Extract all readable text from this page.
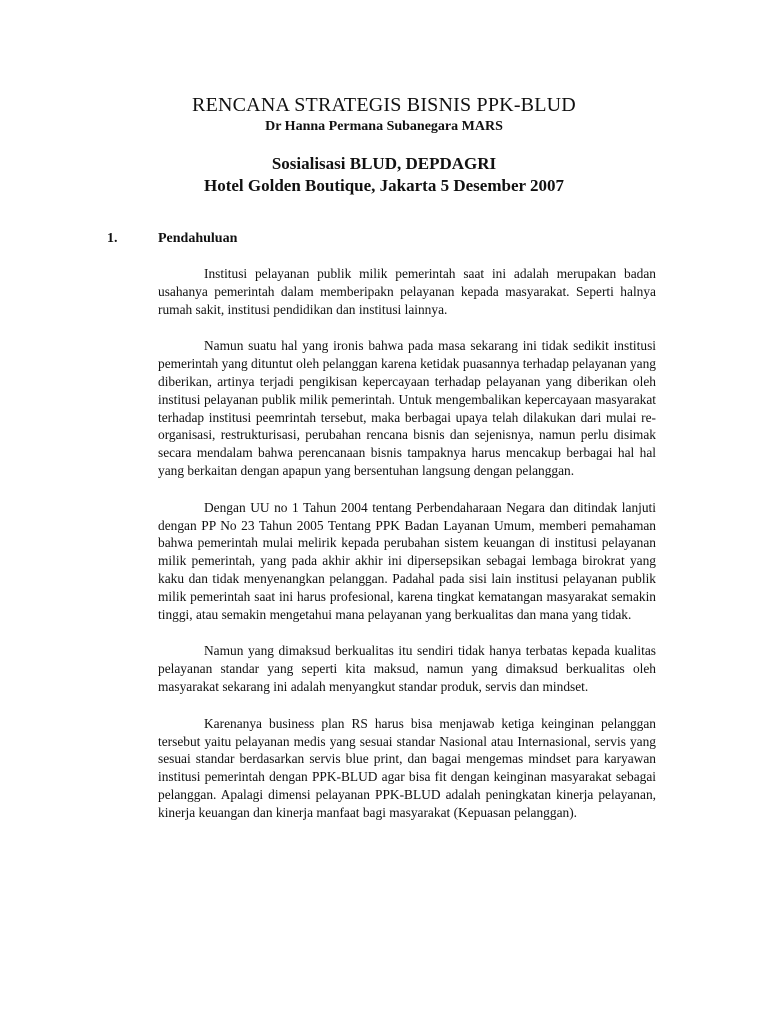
RENCANA STRATEGIS BISNIS PPK-BLUD
Dr Hanna Permana Subanegara MARS
Sosialisasi BLUD, DEPDAGRI
Hotel Golden Boutique, Jakarta 5 Desember 2007
1.	Pendahuluan

Institusi pelayanan publik milik pemerintah saat ini adalah merupakan badan usahanya pemerintah dalam memberipakn pelayanan kepada masyarakat. Seperti halnya rumah sakit, institusi pendidikan dan institusi lainnya.

Namun suatu hal yang ironis bahwa pada masa sekarang ini tidak sedikit institusi pemerintah yang dituntut oleh pelanggan karena ketidak puasannya terhadap pelayanan yang diberikan, artinya terjadi pengikisan kepercayaan terhadap pelayanan yang diberikan oleh institusi pelayanan publik milik pemerintah. Untuk mengembalikan kepercayaan masyarakat terhadap institusi peemrintah tersebut, maka berbagai upaya telah dilakukan dari mulai re-organisasi, restrukturisasi, perubahan rencana bisnis dan sejenisnya, namun perlu disimak secara mendalam bahwa perencanaan bisnis tampaknya harus mencakup berbagai hal hal yang berkaitan dengan apapun yang bersentuhan langsung dengan pelanggan.

Dengan UU no 1 Tahun 2004 tentang Perbendaharaan Negara dan ditindak lanjuti dengan PP No 23 Tahun 2005 Tentang PPK Badan Layanan Umum, memberi pemahaman bahwa pemerintah mulai melirik kepada perubahan sistem keuangan di institusi pelayanan milik pemerintah, yang pada akhir akhir ini dipersepsikan sebagai lembaga birokrat yang kaku dan tidak menyenangkan pelanggan. Padahal pada sisi lain institusi pelayanan publik milik pemerintah saat ini harus profesional, karena tingkat kematangan masyarakat semakin tinggi, atau semakin mengetahui mana pelayanan yang berkualitas dan mana yang tidak.

Namun yang dimaksud berkualitas itu sendiri tidak hanya terbatas kepada kualitas pelayanan standar yang seperti kita maksud, namun yang dimaksud berkualitas oleh masyarakat sekarang ini adalah menyangkut standar produk, servis dan mindset.

Karenanya business plan RS harus bisa menjawab ketiga keinginan pelanggan tersebut yaitu pelayanan medis yang sesuai standar Nasional atau Internasional, servis yang sesuai standar berdasarkan servis blue print, dan bagai mengemas mindset para karyawan institusi pemerintah dengan PPK-BLUD agar bisa fit dengan keinginan masyarakat sebagai pelanggan. Apalagi dimensi pelayanan PPK-BLUD adalah peningkatan kinerja pelayanan, kinerja keuangan dan kinerja manfaat bagi masyarakat (Kepuasan pelanggan).
